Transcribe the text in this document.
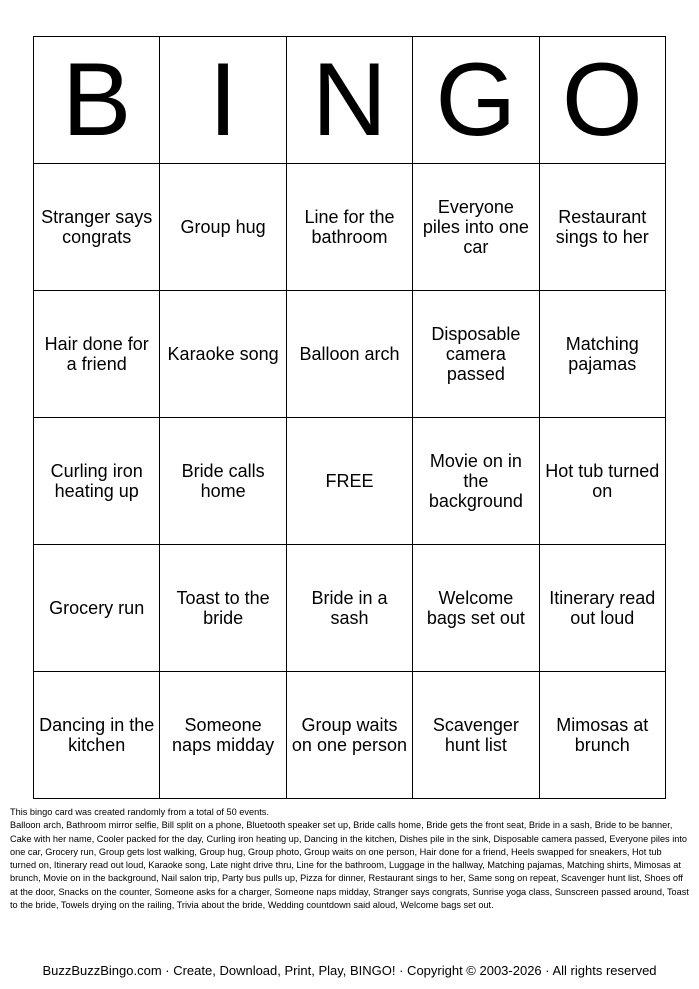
B	I	N	G	O
Stranger says congrats	Group hug	Line for the bathroom	Everyone piles into one car	Restaurant sings to her
Hair done for a friend	Karaoke song	Balloon arch	Disposable camera passed	Matching pajamas
Curling iron heating up	Bride calls home	FREE	Movie on in the background	Hot tub turned on
Grocery run	Toast to the bride	Bride in a sash	Welcome bags set out	Itinerary read out loud
Dancing in the kitchen	Someone naps midday	Group waits on one person	Scavenger hunt list	Mimosas at brunch

This bingo card was created randomly from a total of 50 events.

Balloon arch, Bathroom mirror selfie, Bill split on a phone, Bluetooth speaker set up, Bride calls home, Bride gets the front seat, Bride in a sash, Bride to be banner, Cake with her name, Cooler packed for the day, Curling iron heating up, Dancing in the kitchen, Dishes pile in the sink, Disposable camera passed, Everyone piles into one car, Grocery run, Group gets lost walking, Group hug, Group photo, Group waits on one person, Hair done for a friend, Heels swapped for sneakers, Hot tub turned on, Itinerary read out loud, Karaoke song, Late night drive thru, Line for the bathroom, Luggage in the hallway, Matching pajamas, Matching shirts, Mimosas at brunch, Movie on in the background, Nail salon trip, Party bus pulls up, Pizza for dinner, Restaurant sings to her, Same song on repeat, Scavenger hunt list, Shoes off at the door, Snacks on the counter, Someone asks for a charger, Someone naps midday, Stranger says congrats, Sunrise yoga class, Sunscreen passed around, Toast to the bride, Towels drying on the railing, Trivia about the bride, Wedding countdown said aloud, Welcome bags set out.

BuzzBuzzBingo.com · Create, Download, Print, Play, BINGO! · Copyright © 2003-2026 · All rights reserved
